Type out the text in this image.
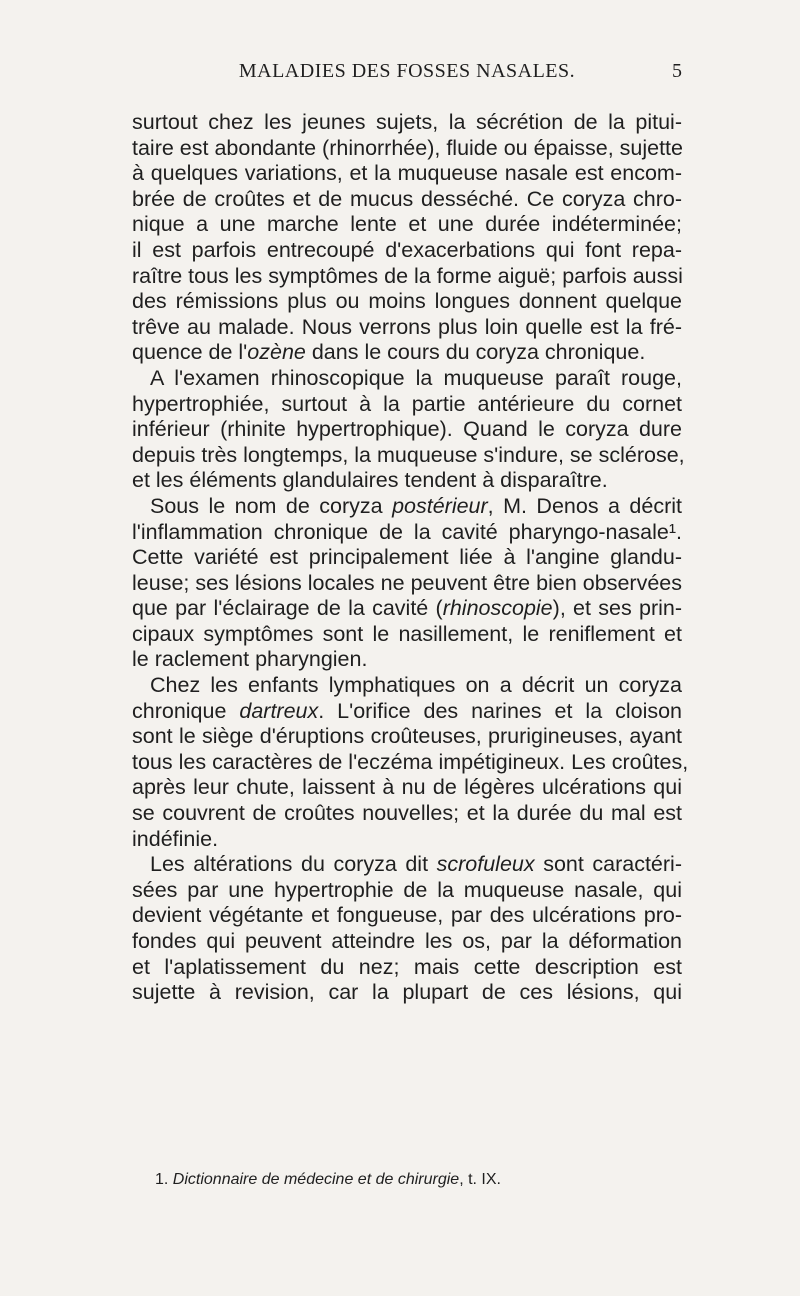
MALADIES DES FOSSES NASALES.	5
surtout chez les jeunes sujets, la sécrétion de la pitui-
taire est abondante (rhinorrhée), fluide ou épaisse, sujette
à quelques variations, et la muqueuse nasale est encom-
brée de croûtes et de mucus desséché. Ce coryza chro-
nique a une marche lente et une durée indéterminée;
il est parfois entrecoupé d'exacerbations qui font repa-
raître tous les symptômes de la forme aiguë; parfois aussi
des rémissions plus ou moins longues donnent quelque
trêve au malade. Nous verrons plus loin quelle est la fré-
quence de l'ozène dans le cours du coryza chronique.
A l'examen rhinoscopique la muqueuse paraît rouge,
hypertrophiée, surtout à la partie antérieure du cornet
inférieur (rhinite hypertrophique). Quand le coryza dure
depuis très longtemps, la muqueuse s'indure, se sclérose,
et les éléments glandulaires tendent à disparaître.
Sous le nom de coryza postérieur, M. Denos a décrit
l'inflammation chronique de la cavité pharyngo-nasale¹.
Cette variété est principalement liée à l'angine glandu-
leuse; ses lésions locales ne peuvent être bien observées
que par l'éclairage de la cavité (rhinoscopie), et ses prin-
cipaux symptômes sont le nasillement, le reniflement et
le raclement pharyngien.
Chez les enfants lymphatiques on a décrit un coryza
chronique dartreux. L'orifice des narines et la cloison
sont le siège d'éruptions croûteuses, prurigineuses, ayant
tous les caractères de l'eczéma impétigineux. Les croûtes,
après leur chute, laissent à nu de légères ulcérations qui
se couvrent de croûtes nouvelles; et la durée du mal est
indéfinie.
Les altérations du coryza dit scrofuleux sont caractéri-
sées par une hypertrophie de la muqueuse nasale, qui
devient végétante et fongueuse, par des ulcérations pro-
fondes qui peuvent atteindre les os, par la déformation
et l'aplatissement du nez; mais cette description est
sujette à revision, car la plupart de ces lésions, qui
1. Dictionnaire de médecine et de chirurgie, t. IX.
